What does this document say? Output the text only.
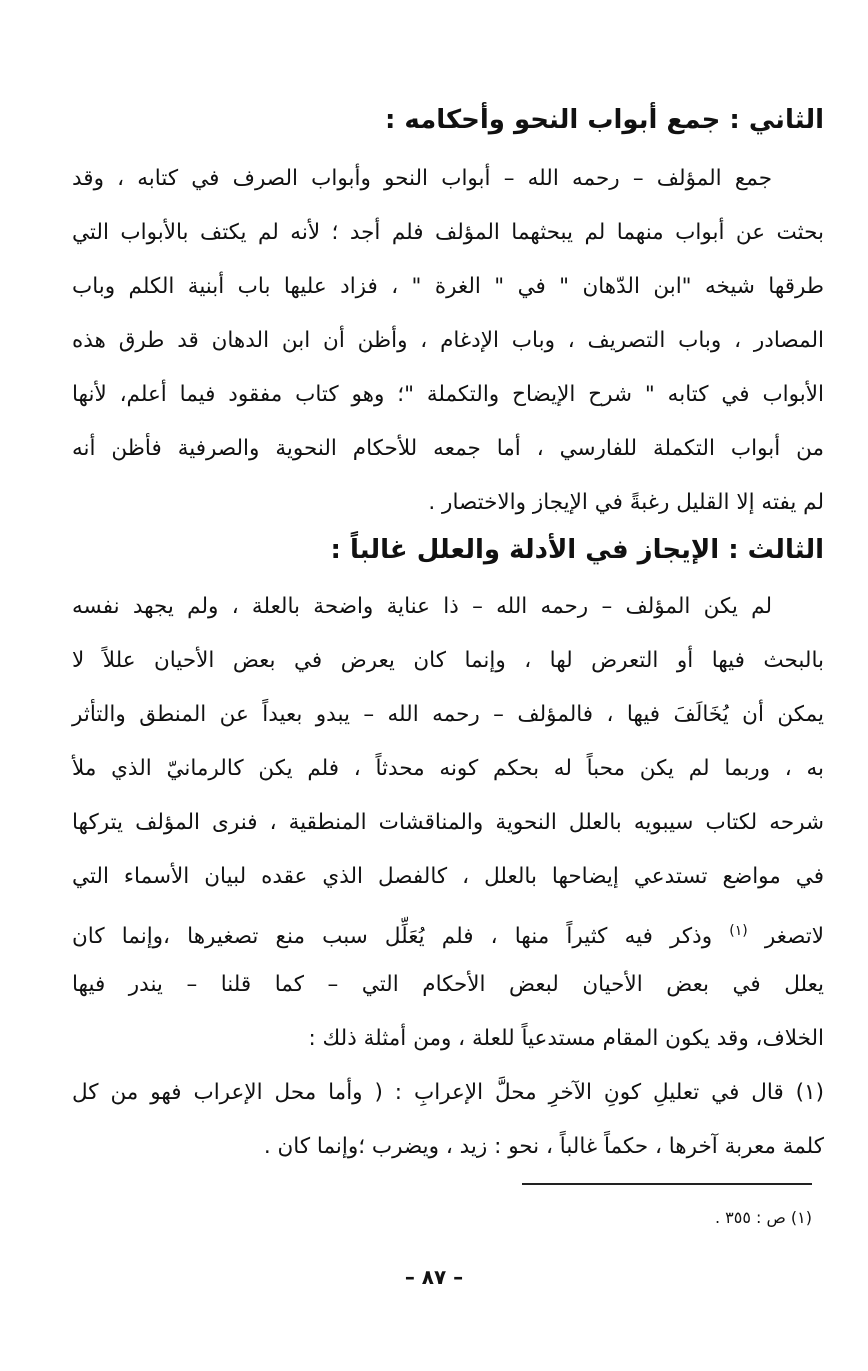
الثاني : جمع أبواب النحو وأحكامه :
جمع المؤلف – رحمه الله – أبواب النحو وأبواب الصرف في كتابه ، وقد
بحثت عن أبواب منهما لم يبحثهما المؤلف فلم أجد ؛ لأنه لم يكتف بالأبواب التي
طرقها شيخه "ابن الدّهان " في " الغرة " ، فزاد عليها باب أبنية الكلم وباب
المصادر ، وباب التصريف ، وباب الإدغام ، وأظن أن ابن الدهان قد طرق هذه
الأبواب في كتابه " شرح الإيضاح والتكملة "؛ وهو كتاب مفقود فيما أعلم، لأنها
من أبواب التكملة للفارسي ، أما جمعه للأحكام النحوية والصرفية فأظن أنه
لم يفته إلا القليل رغبةً في الإيجاز والاختصار .
الثالث : الإيجاز في الأدلة والعلل غالباً :
لم يكن المؤلف – رحمه الله – ذا عناية واضحة بالعلة ، ولم يجهد نفسه
بالبحث فيها أو التعرض لها ، وإنما كان يعرض في بعض الأحيان عللاً لا
يمكن أن يُخَالَفَ فيها ، فالمؤلف – رحمه الله – يبدو بعيداً عن المنطق والتأثر
به ، وربما لم يكن محباً له بحكم كونه محدثاً ، فلم يكن كالرمانيّ الذي ملأ
شرحه لكتاب سيبويه بالعلل النحوية والمناقشات المنطقية ، فنرى المؤلف يتركها
في مواضع تستدعي إيضاحها بالعلل ، كالفصل الذي عقده لبيان الأسماء التي
لاتصغر $^{(١)}$ وذكر فيه كثيراً منها ، فلم يُعَلِّل سبب منع تصغيرها ،وإنما كان
يعلل في بعض الأحيان لبعض الأحكام التي – كما قلنا – يندر فيها
الخلاف، وقد يكون المقام مستدعياً للعلة ، ومن أمثلة ذلك :
(١) قال في تعليلِ كونِ الآخرِ محلَّ الإعرابِ : ( وأما محل الإعراب فهو من كل
كلمة معربة آخرها ، حكماً غالباً ، نحو : زيد ، ويضرب ؛وإنما كان .
(١) ص : ٣٥٥ .
– ٨٧ –
